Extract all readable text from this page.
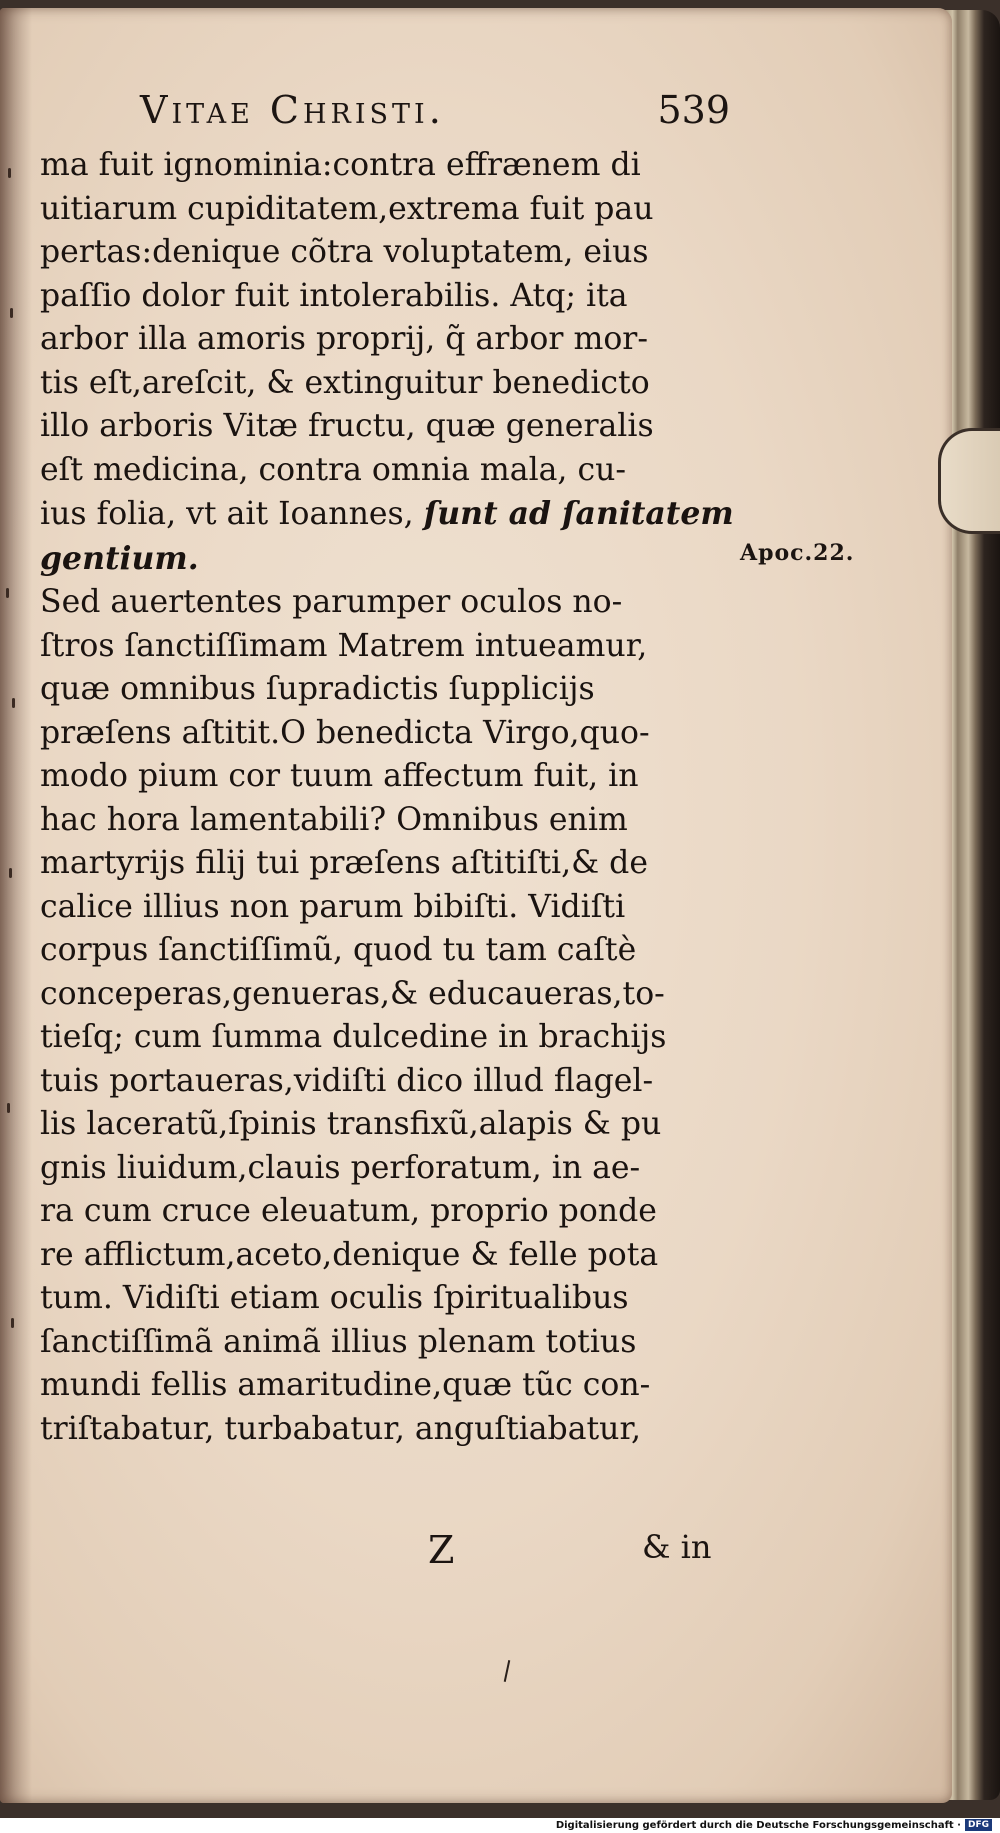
Vitae Christi.	539
ma fuit ignominia:contra effrænem di
uitiarum cupiditatem,extrema fuit pau
pertas:denique cõtra voluptatem, eius
paſſio dolor fuit intolerabilis. Atq; ita
arbor illa amoris proprij, q̃ arbor mor-
tis eſt,areſcit, & extinguitur benedicto
illo arboris Vitæ fructu, quæ generalis
eſt medicina, contra omnia mala, cu-
ius folia, vt ait Ioannes, ſunt ad ſanitatem
gentium.
Sed auertentes parumper oculos no-
ſtros ſanctiſſimam Matrem intueamur,
quæ omnibus ſupradictis ſupplicijs
præſens aſtitit.O benedicta Virgo,quo-
modo pium cor tuum affectum fuit, in
hac hora lamentabili? Omnibus enim
martyrijs filij tui præſens aſtitiſti,& de
calice illius non parum bibiſti. Vidiſti
corpus ſanctiſſimũ, quod tu tam caſtè
conceperas,genueras,& educaueras,to-
tieſq; cum ſumma dulcedine in brachijs
tuis portaueras,vidiſti dico illud flagel-
lis laceratũ,ſpinis transfixũ,alapis & pu
gnis liuidum,clauis perforatum, in ae-
ra cum cruce eleuatum, proprio ponde
re afflictum,aceto,denique & felle pota
tum. Vidiſti etiam oculis ſpiritualibus
ſanctiſſimã animã illius plenam totius
mundi fellis amaritudine,quæ tũc con-
triſtabatur, turbabatur, anguſtiabatur,
Apoc.22.
Z	& in
Digitalisierung gefördert durch die Deutsche Forschungsgemeinschaft · DFG
